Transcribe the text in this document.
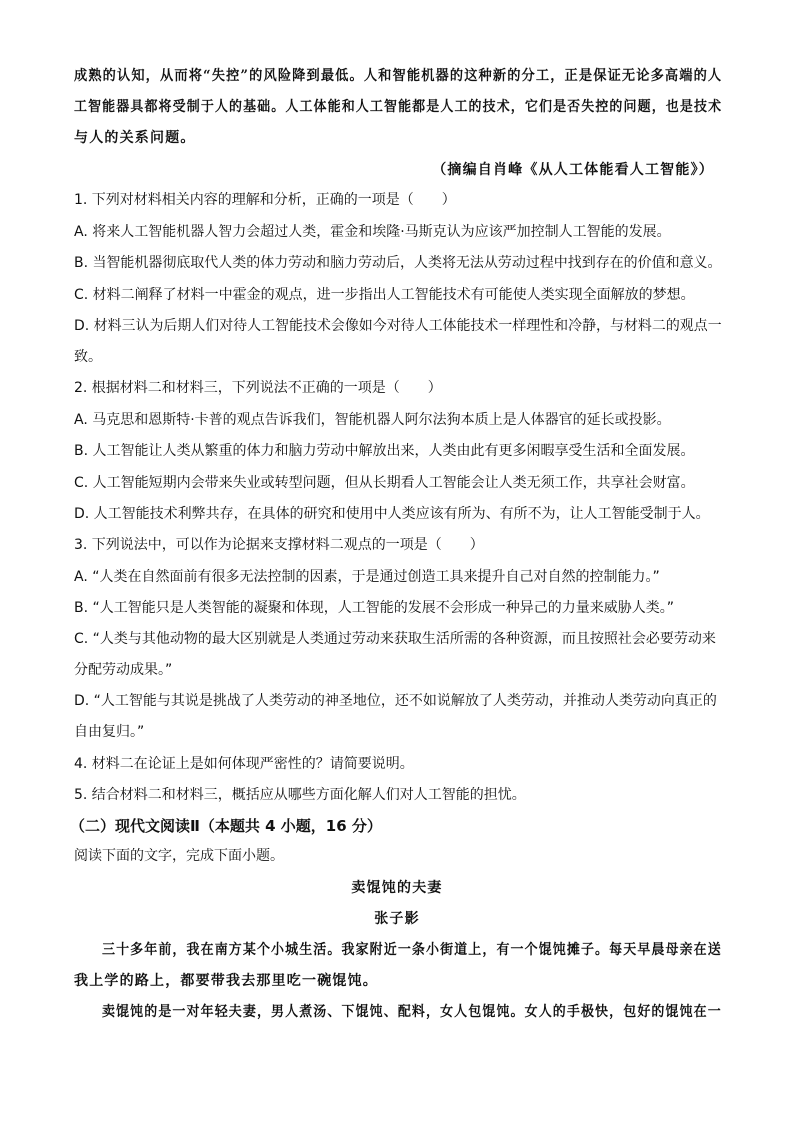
成熟的认知，从而将“失控”的风险降到最低。人和智能机器的这种新的分工，正是保证无论多高端的人
工智能器具都将受制于人的基础。人工体能和人工智能都是人工的技术，它们是否失控的问题，也是技术
与人的关系问题。
（摘编自肖峰《从人工体能看人工智能》）
1. 下列对材料相关内容的理解和分析，正确的一项是（　　）
A. 将来人工智能机器人智力会超过人类，霍金和埃隆·马斯克认为应该严加控制人工智能的发展。
B. 当智能机器彻底取代人类的体力劳动和脑力劳动后，人类将无法从劳动过程中找到存在的价值和意义。
C. 材料二阐释了材料一中霍金的观点，进一步指出人工智能技术有可能使人类实现全面解放的梦想。
D. 材料三认为后期人们对待人工智能技术会像如今对待人工体能技术一样理性和冷静，与材料二的观点一
致。
2. 根据材料二和材料三，下列说法不正确的一项是（　　）
A. 马克思和恩斯特·卡普的观点告诉我们，智能机器人阿尔法狗本质上是人体器官的延长或投影。
B. 人工智能让人类从繁重的体力和脑力劳动中解放出来，人类由此有更多闲暇享受生活和全面发展。
C. 人工智能短期内会带来失业或转型问题，但从长期看人工智能会让人类无须工作，共享社会财富。
D. 人工智能技术利弊共存，在具体的研究和使用中人类应该有所为、有所不为，让人工智能受制于人。
3. 下列说法中，可以作为论据来支撑材料二观点的一项是（　　）
A. “人类在自然面前有很多无法控制的因素，于是通过创造工具来提升自己对自然的控制能力。”
B. “人工智能只是人类智能的凝聚和体现，人工智能的发展不会形成一种异己的力量来威胁人类。”
C. “人类与其他动物的最大区别就是人类通过劳动来获取生活所需的各种资源，而且按照社会必要劳动来
分配劳动成果。”
D. “人工智能与其说是挑战了人类劳动的神圣地位，还不如说解放了人类劳动，并推动人类劳动向真正的
自由复归。”
4. 材料二在论证上是如何体现严密性的？请简要说明。
5. 结合材料二和材料三，概括应从哪些方面化解人们对人工智能的担忧。
（二）现代文阅读Ⅱ（本题共 4 小题，16 分）
阅读下面的文字，完成下面小题。
卖馄饨的夫妻
张子影
三十多年前，我在南方某个小城生活。我家附近一条小街道上，有一个馄饨摊子。每天早晨母亲在送
我上学的路上，都要带我去那里吃一碗馄饨。
卖馄饨的是一对年轻夫妻，男人煮汤、下馄饨、配料，女人包馄饨。女人的手极快，包好的馄饨在一
